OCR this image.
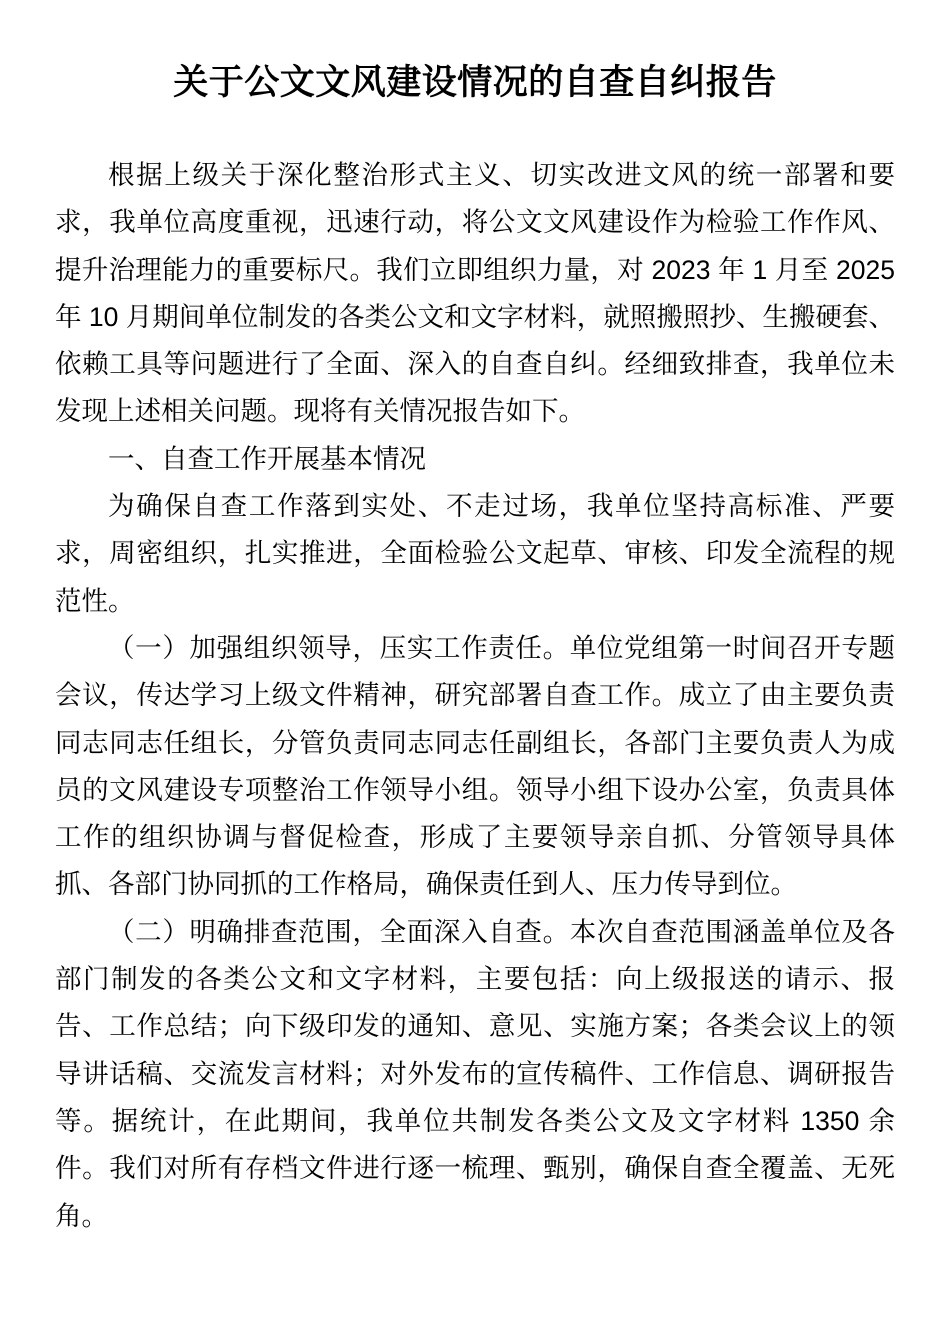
关于公文文风建设情况的自查自纠报告

根据上级关于深化整治形式主义、切实改进文风的统一部署和要求，我单位高度重视，迅速行动，将公文文风建设作为检验工作作风、提升治理能力的重要标尺。我们立即组织力量，对 2023 年 1 月至 2025 年 10 月期间单位制发的各类公文和文字材料，就照搬照抄、生搬硬套、依赖工具等问题进行了全面、深入的自查自纠。经细致排查，我单位未发现上述相关问题。现将有关情况报告如下。

一、自查工作开展基本情况

为确保自查工作落到实处、不走过场，我单位坚持高标准、严要求，周密组织，扎实推进，全面检验公文起草、审核、印发全流程的规范性。

（一）加强组织领导，压实工作责任。单位党组第一时间召开专题会议，传达学习上级文件精神，研究部署自查工作。成立了由主要负责同志同志任组长，分管负责同志同志任副组长，各部门主要负责人为成员的文风建设专项整治工作领导小组。领导小组下设办公室，负责具体工作的组织协调与督促检查，形成了主要领导亲自抓、分管领导具体抓、各部门协同抓的工作格局，确保责任到人、压力传导到位。

（二）明确排查范围，全面深入自查。本次自查范围涵盖单位及各部门制发的各类公文和文字材料，主要包括：向上级报送的请示、报告、工作总结；向下级印发的通知、意见、实施方案；各类会议上的领导讲话稿、交流发言材料；对外发布的宣传稿件、工作信息、调研报告等。据统计，在此期间，我单位共制发各类公文及文字材料 1350 余件。我们对所有存档文件进行逐一梳理、甄别，确保自查全覆盖、无死角。
